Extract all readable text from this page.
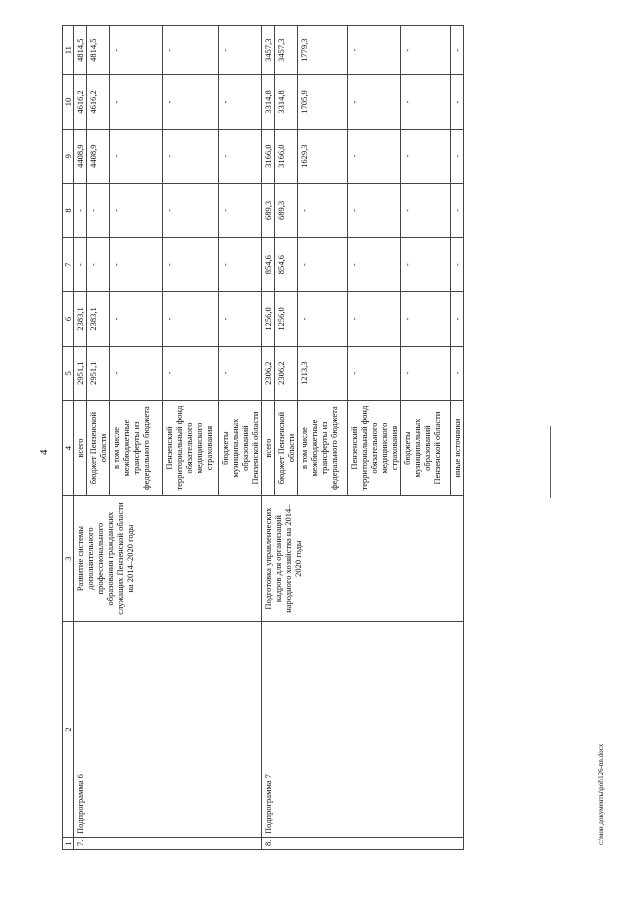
4
c:\мои документы\pol\126-nn.docx
1	2	3	4	5	6	7	8	9	10	11
7.	Подпрограмма 6	Развитие системы дополнительного профессионального образования гражданских служащих Пензенской области на 2014–2020 годы	всего	2951,1	2383,1	-	-	4408,9	4616,2	4814,5
			бюджет Пензенской области	2951,1	2383,1	-	-	4408,9	4616,2	4814,5
			в том числе межбюджетные трансферты из федерального бюджета	-	-	-	-	-	-	-
			Пензенский территориальный фонд обязательного медицинского страхования	-	-	-	-	-	-	-
			бюджеты муниципальных образований Пензенской области	-	-	-	-	-	-	-
8.	Подпрограмма 7	Подготовка управленческих кадров для организаций народного хозяйства на 2014–2020 годы	всего	2306,2	1256,0	854,6	689,3	3166,0	3314,8	3457,3
			бюджет Пензенской области	2306,2	1256,0	854,6	689,3	3166,0	3314,8	3457,3
			в том числе межбюджетные трансферты из федерального бюджета	1213,3	-	-	-	1629,3	1705,9	1779,3
			Пензенский территориальный фонд обязательного медицинского страхования	-	-	-	-	-	-	-
			бюджеты муниципальных образований Пензенской области	-	-	-	-	-	-	-
			иные источники	-	-	-	-	-	-	-
